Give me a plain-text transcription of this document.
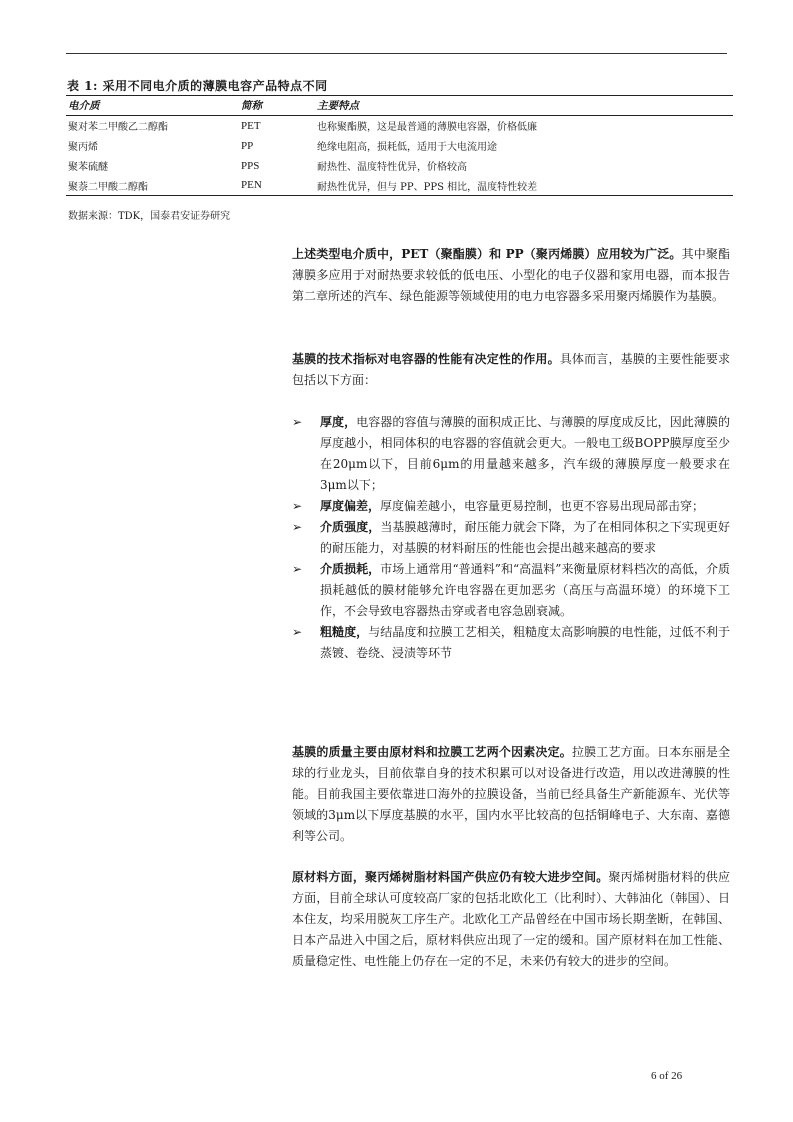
表 1: 采用不同电介质的薄膜电容产品特点不同
电介质	简称	主要特点
聚对苯二甲酸乙二醇酯	PET	也称聚酯膜，这是最普通的薄膜电容器，价格低廉
聚丙烯	PP	绝缘电阻高，损耗低，适用于大电流用途
聚苯硫醚	PPS	耐热性、温度特性优异，价格较高
聚萘二甲酸二醇酯	PEN	耐热性优异，但与 PP、PPS 相比，温度特性较差
数据来源：TDK，国泰君安证券研究

上述类型电介质中，PET（聚酯膜）和 PP（聚丙烯膜）应用较为广泛。其中聚酯薄膜多应用于对耐热要求较低的低电压、小型化的电子仪器和家用电器，而本报告第二章所述的汽车、绿色能源等领域使用的电力电容器多采用聚丙烯膜作为基膜。

基膜的技术指标对电容器的性能有决定性的作用。具体而言，基膜的主要性能要求包括以下方面：

➢	厚度，电容器的容值与薄膜的面积成正比、与薄膜的厚度成反比，因此薄膜的厚度越小，相同体积的电容器的容值就会更大。一般电工级BOPP膜厚度至少在20μm以下，目前6μm的用量越来越多，汽车级的薄膜厚度一般要求在3μm以下；
➢	厚度偏差，厚度偏差越小，电容量更易控制，也更不容易出现局部击穿；
➢	介质强度，当基膜越薄时，耐压能力就会下降，为了在相同体积之下实现更好的耐压能力，对基膜的材料耐压的性能也会提出越来越高的要求
➢	介质损耗，市场上通常用“普通料”和“高温料”来衡量原材料档次的高低，介质损耗越低的膜材能够允许电容器在更加恶劣（高压与高温环境）的环境下工作，不会导致电容器热击穿或者电容急剧衰减。
➢	粗糙度，与结晶度和拉膜工艺相关，粗糙度太高影响膜的电性能，过低不利于蒸镀、卷绕、浸渍等环节

基膜的质量主要由原材料和拉膜工艺两个因素决定。拉膜工艺方面。日本东丽是全球的行业龙头，目前依靠自身的技术积累可以对设备进行改造，用以改进薄膜的性能。目前我国主要依靠进口海外的拉膜设备，当前已经具备生产新能源车、光伏等领域的3μm以下厚度基膜的水平，国内水平比较高的包括铜峰电子、大东南、嘉德利等公司。

原材料方面，聚丙烯树脂材料国产供应仍有较大进步空间。聚丙烯树脂材料的供应方面，目前全球认可度较高厂家的包括北欧化工（比利时）、大韩油化（韩国）、日本住友，均采用脱灰工序生产。北欧化工产品曾经在中国市场长期垄断，在韩国、日本产品进入中国之后，原材料供应出现了一定的缓和。国产原材料在加工性能、质量稳定性、电性能上仍存在一定的不足，未来仍有较大的进步的空间。

6 of 26
